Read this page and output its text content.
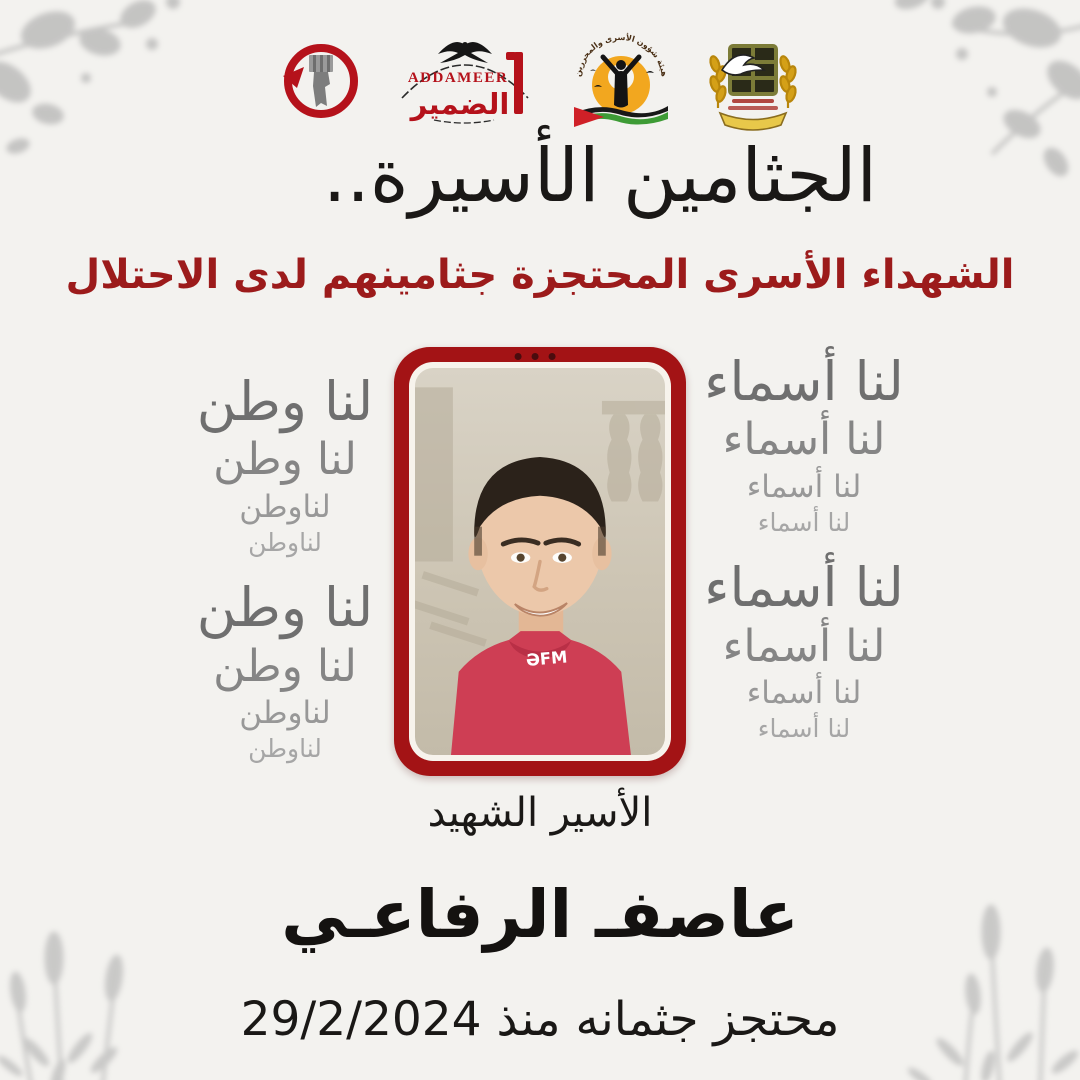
ADDAMEER
الضمير
هيئة شؤون الأسرى والمحررين
الجثامين الأسيرة..
الشهداء الأسرى المحتجزة جثامينهم لدى الاحتلال
لنا وطن
لنا وطن
لناوطن
لناوطن
لنا وطن
لنا وطن
لناوطن
لناوطن
لنا أسماء
لنا أسماء
لنا أسماء
لنا أسماء
لنا أسماء
لنا أسماء
لنا أسماء
لنا أسماء
ƏFM
الأسير الشهيد
عاصفـ الرفاعـي
محتجز جثمانه منذ 29/2/2024
